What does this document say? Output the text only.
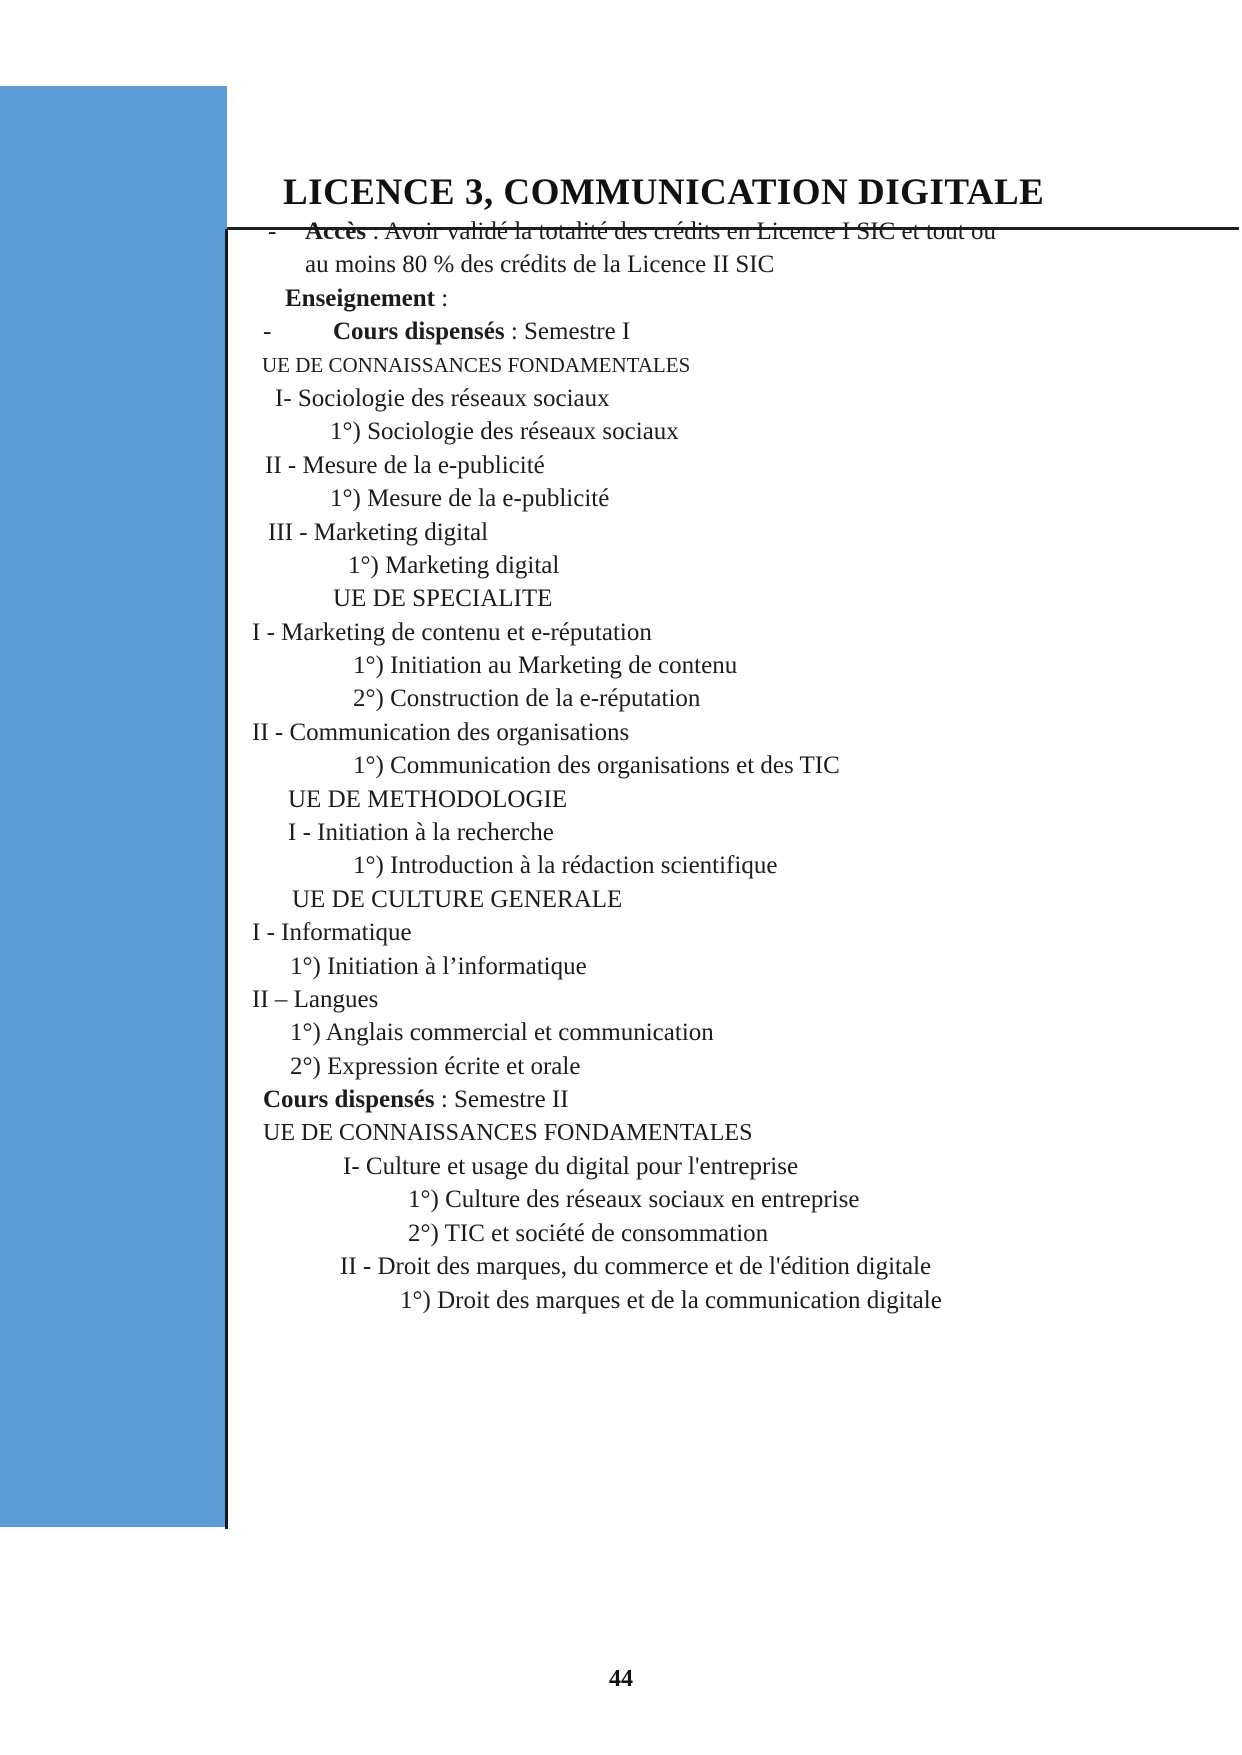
LICENCE 3, COMMUNICATION DIGITALE
- Accès : Avoir validé la totalité des crédits en Licence I SIC et tout ou
au moins 80 % des crédits de la Licence II SIC
Enseignement :
- Cours dispensés : Semestre I
UE DE CONNAISSANCES FONDAMENTALES
I- Sociologie des réseaux sociaux
1°) Sociologie des réseaux sociaux
II - Mesure de la e-publicité
1°) Mesure de la e-publicité
III - Marketing digital
1°) Marketing digital
UE DE SPECIALITE
I - Marketing de contenu et e-réputation
1°) Initiation au Marketing de contenu
2°) Construction de la e-réputation
II - Communication des organisations
1°) Communication des organisations et des TIC
UE DE METHODOLOGIE
I - Initiation à la recherche
1°) Introduction à la rédaction scientifique
UE DE CULTURE GENERALE
I - Informatique
1°) Initiation à l’informatique
II – Langues
1°) Anglais commercial et communication
2°) Expression écrite et orale
Cours dispensés : Semestre II
UE DE CONNAISSANCES FONDAMENTALES
I- Culture et usage du digital pour l'entreprise
1°) Culture des réseaux sociaux en entreprise
2°) TIC et société de consommation
II - Droit des marques, du commerce et de l'édition digitale
1°) Droit des marques et de la communication digitale
44
